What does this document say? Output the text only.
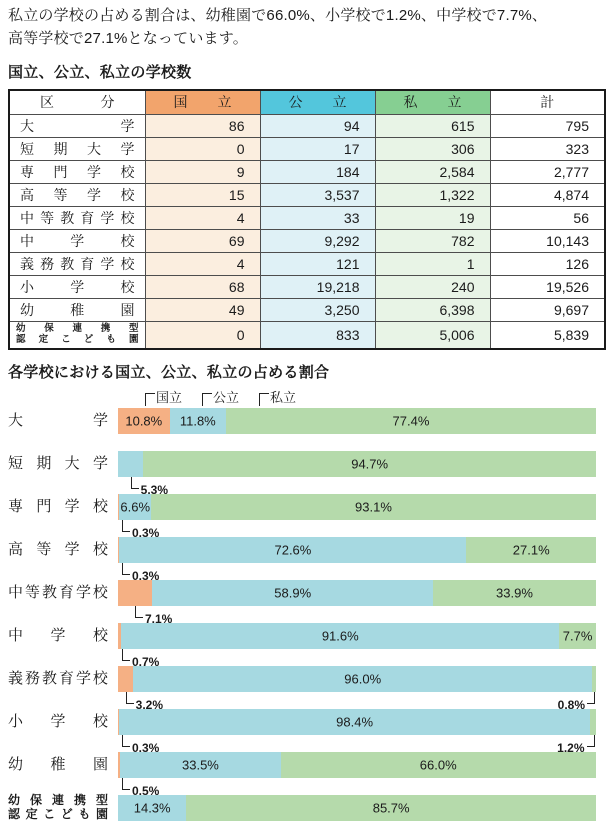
私立の学校の占める割合は、幼稚園で66.0%、小学校で1.2%、中学校で7.7%、
高等学校で27.1%となっています。

国立、公立、私立の学校数
区 分	国 立	公 立	私 立	計

大 学	86	94	615	795

短 期 大 学	0	17	306	323

専 門 学 校	9	184	2,584	2,777

高 等 学 校	15	3,537	1,322	4,874

中 等 教 育 学 校	4	33	19	56

中 学 校	69	9,292	782	10,143

義 務 教 育 学 校	4	121	1	126

小 学 校	68	19,218	240	19,526

幼 稚 園	49	3,250	6,398	9,697

幼 保 連 携 型
認 定 こ ど も 園	0	833	5,006	5,839
各学校における国立、公立、私立の占める割合
国立 公立 私立
大	学 10.8% 11.8%	77.4%
短 期 大 学
5.3%
94.7%
専 門 学 校
0.3%
6.6%	93.1%
高 等 学 校
0.3%
72.6%	27.1%
中 等 教 育 学 校
7.1%
58.9%	33.9%
中 学 校
0.7%
91.6%	7.7%
義 務 教 育 学 校
3.2%	0.8%
96.0%
小 学 校
0.3%	1.2%
98.4%
幼 稚 園
0.5%
33.5%	66.0%
幼 保 連 携 型
認 定 こ ど も 園 14.3%	85.7%
